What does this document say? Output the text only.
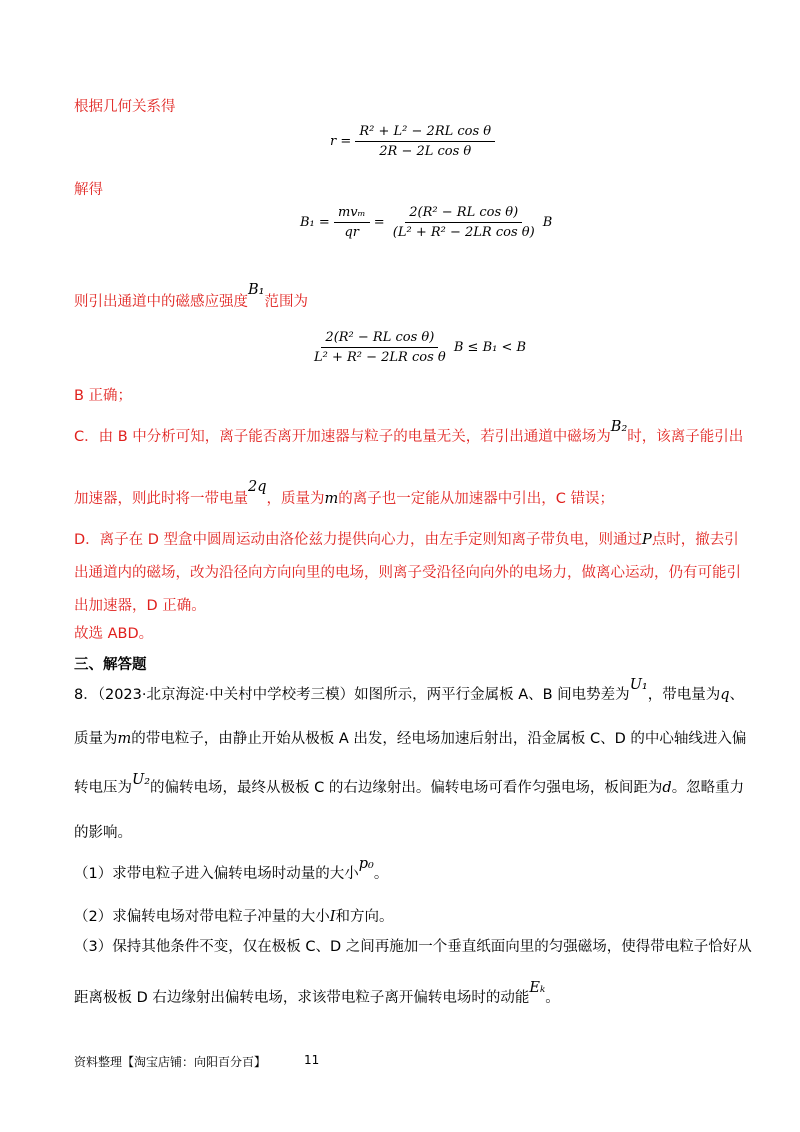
根据几何关系得
$r = \frac{\text{R² + L² − 2RL cos θ}}{\text{2R − 2L cos θ}}$
解得
$B_1 = \frac{\text{mvₘ}}{qr} = \frac{\text{2(R² − RL cos θ)}}{\text{(L² + R² − 2LR cos θ)}}$ B
则引出通道中的磁感应强度B₁范围为
$\frac{\text{2(R² − RL cos θ)}}{\text{L² + R² − 2LR cos θ}}$ B ≤ B₁ < B
B 正确；
C．由 B 中分析可知，离子能否离开加速器与粒子的电量无关，若引出通道中磁场为B₂时，该离子能引出
加速器，则此时将一带电量2q，质量为m的离子也一定能从加速器中引出，C 错误；
D．离子在 D 型盒中圆周运动由洛伦兹力提供向心力，由左手定则知离子带负电，则通过P点时，撤去引
出通道内的磁场，改为沿径向方向向里的电场，则离子受沿径向向外的电场力，做离心运动，仍有可能引
出加速器，D 正确。
故选 ABD。
三、解答题
8．（2023·北京海淀·中关村中学校考三模）如图所示，两平行金属板 A、B 间电势差为U₁，带电量为q、
质量为m的带电粒子，由静止开始从极板 A 出发，经电场加速后射出，沿金属板 C、D 的中心轴线进入偏
转电压为U₂的偏转电场，最终从极板 C 的右边缘射出。偏转电场可看作匀强电场，板间距为d。忽略重力
的影响。
（1）求带电粒子进入偏转电场时动量的大小p₀。
（2）求偏转电场对带电粒子冲量的大小I和方向。
（3）保持其他条件不变，仅在极板 C、D 之间再施加一个垂直纸面向里的匀强磁场，使得带电粒子恰好从
距离极板 D 右边缘射出偏转电场，求该带电粒子离开偏转电场时的动能Eₖ。
资料整理【淘宝店铺：向阳百分百】	11
